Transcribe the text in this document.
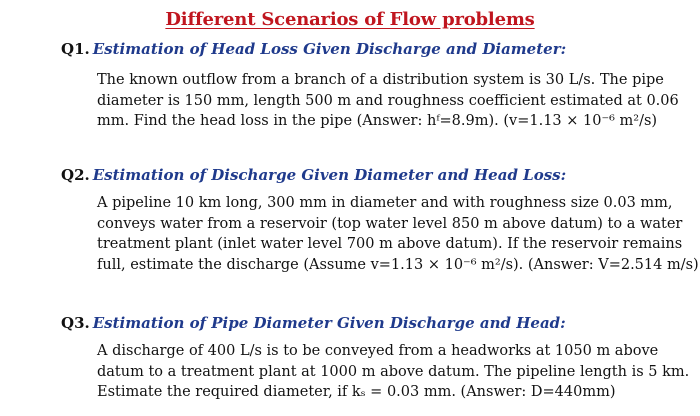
Different Scenarios of Flow problems
Q1. Estimation of Head Loss Given Discharge and Diameter:
The known outflow from a branch of a distribution system is 30 L/s. The pipe
diameter is 150 mm, length 500 m and roughness coefficient estimated at 0.06
mm. Find the head loss in the pipe (Answer: hᶠ=8.9m). (v=1.13 × 10⁻⁶ m²/s)
Q2. Estimation of Discharge Given Diameter and Head Loss:
A pipeline 10 km long, 300 mm in diameter and with roughness size 0.03 mm,
conveys water from a reservoir (top water level 850 m above datum) to a water
treatment plant (inlet water level 700 m above datum). If the reservoir remains
full, estimate the discharge (Assume v=1.13 × 10⁻⁶ m²/s). (Answer: V=2.514 m/s)
Q3. Estimation of Pipe Diameter Given Discharge and Head:
A discharge of 400 L/s is to be conveyed from a headworks at 1050 m above
datum to a treatment plant at 1000 m above datum. The pipeline length is 5 km.
Estimate the required diameter, if kₛ = 0.03 mm. (Answer: D=440mm)
